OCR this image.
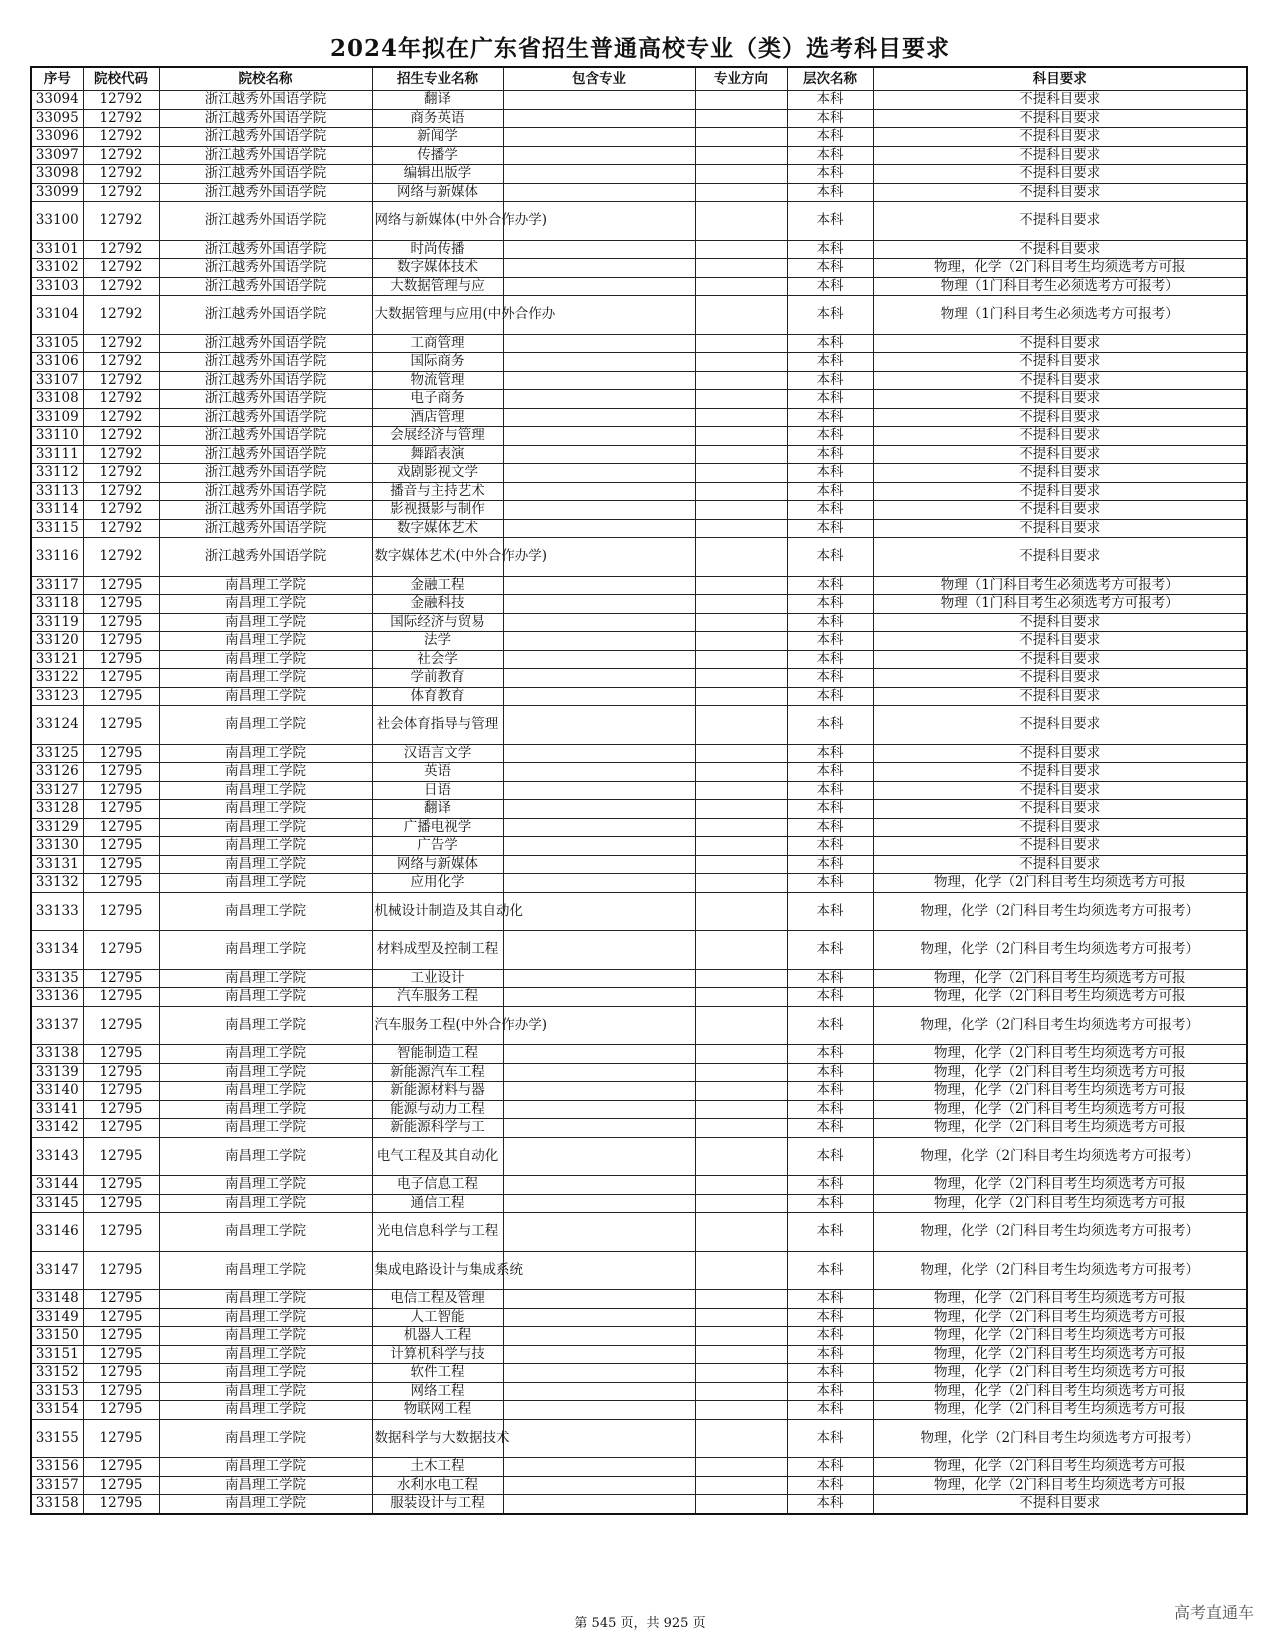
2024年拟在广东省招生普通高校专业（类）选考科目要求
序号	院校代码	院校名称	招生专业名称	包含专业	专业方向	层次名称	科目要求
33094	12792	浙江越秀外国语学院	翻译			本科	不提科目要求
33095	12792	浙江越秀外国语学院	商务英语			本科	不提科目要求
33096	12792	浙江越秀外国语学院	新闻学			本科	不提科目要求
33097	12792	浙江越秀外国语学院	传播学			本科	不提科目要求
33098	12792	浙江越秀外国语学院	编辑出版学			本科	不提科目要求
33099	12792	浙江越秀外国语学院	网络与新媒体			本科	不提科目要求
33100	12792	浙江越秀外国语学院	网络与新媒体(中外合作办学)			本科	不提科目要求
33101	12792	浙江越秀外国语学院	时尚传播			本科	不提科目要求
33102	12792	浙江越秀外国语学院	数字媒体技术			本科	物理，化学（2门科目考生均须选考方可报
33103	12792	浙江越秀外国语学院	大数据管理与应			本科	物理（1门科目考生必须选考方可报考）
33104	12792	浙江越秀外国语学院	大数据管理与应用(中外合作办			本科	物理（1门科目考生必须选考方可报考）
33105	12792	浙江越秀外国语学院	工商管理			本科	不提科目要求
33106	12792	浙江越秀外国语学院	国际商务			本科	不提科目要求
33107	12792	浙江越秀外国语学院	物流管理			本科	不提科目要求
33108	12792	浙江越秀外国语学院	电子商务			本科	不提科目要求
33109	12792	浙江越秀外国语学院	酒店管理			本科	不提科目要求
33110	12792	浙江越秀外国语学院	会展经济与管理			本科	不提科目要求
33111	12792	浙江越秀外国语学院	舞蹈表演			本科	不提科目要求
33112	12792	浙江越秀外国语学院	戏剧影视文学			本科	不提科目要求
33113	12792	浙江越秀外国语学院	播音与主持艺术			本科	不提科目要求
33114	12792	浙江越秀外国语学院	影视摄影与制作			本科	不提科目要求
33115	12792	浙江越秀外国语学院	数字媒体艺术			本科	不提科目要求
33116	12792	浙江越秀外国语学院	数字媒体艺术(中外合作办学)			本科	不提科目要求
33117	12795	南昌理工学院	金融工程			本科	物理（1门科目考生必须选考方可报考）
33118	12795	南昌理工学院	金融科技			本科	物理（1门科目考生必须选考方可报考）
33119	12795	南昌理工学院	国际经济与贸易			本科	不提科目要求
33120	12795	南昌理工学院	法学			本科	不提科目要求
33121	12795	南昌理工学院	社会学			本科	不提科目要求
33122	12795	南昌理工学院	学前教育			本科	不提科目要求
33123	12795	南昌理工学院	体育教育			本科	不提科目要求
33124	12795	南昌理工学院	社会体育指导与管理			本科	不提科目要求
33125	12795	南昌理工学院	汉语言文学			本科	不提科目要求
33126	12795	南昌理工学院	英语			本科	不提科目要求
33127	12795	南昌理工学院	日语			本科	不提科目要求
33128	12795	南昌理工学院	翻译			本科	不提科目要求
33129	12795	南昌理工学院	广播电视学			本科	不提科目要求
33130	12795	南昌理工学院	广告学			本科	不提科目要求
33131	12795	南昌理工学院	网络与新媒体			本科	不提科目要求
33132	12795	南昌理工学院	应用化学			本科	物理，化学（2门科目考生均须选考方可报
33133	12795	南昌理工学院	机械设计制造及其自动化			本科	物理，化学（2门科目考生均须选考方可报考）
33134	12795	南昌理工学院	材料成型及控制工程			本科	物理，化学（2门科目考生均须选考方可报考）
33135	12795	南昌理工学院	工业设计			本科	物理，化学（2门科目考生均须选考方可报
33136	12795	南昌理工学院	汽车服务工程			本科	物理，化学（2门科目考生均须选考方可报
33137	12795	南昌理工学院	汽车服务工程(中外合作办学)			本科	物理，化学（2门科目考生均须选考方可报考）
33138	12795	南昌理工学院	智能制造工程			本科	物理，化学（2门科目考生均须选考方可报
33139	12795	南昌理工学院	新能源汽车工程			本科	物理，化学（2门科目考生均须选考方可报
33140	12795	南昌理工学院	新能源材料与器			本科	物理，化学（2门科目考生均须选考方可报
33141	12795	南昌理工学院	能源与动力工程			本科	物理，化学（2门科目考生均须选考方可报
33142	12795	南昌理工学院	新能源科学与工			本科	物理，化学（2门科目考生均须选考方可报
33143	12795	南昌理工学院	电气工程及其自动化			本科	物理，化学（2门科目考生均须选考方可报考）
33144	12795	南昌理工学院	电子信息工程			本科	物理，化学（2门科目考生均须选考方可报
33145	12795	南昌理工学院	通信工程			本科	物理，化学（2门科目考生均须选考方可报
33146	12795	南昌理工学院	光电信息科学与工程			本科	物理，化学（2门科目考生均须选考方可报考）
33147	12795	南昌理工学院	集成电路设计与集成系统			本科	物理，化学（2门科目考生均须选考方可报考）
33148	12795	南昌理工学院	电信工程及管理			本科	物理，化学（2门科目考生均须选考方可报
33149	12795	南昌理工学院	人工智能			本科	物理，化学（2门科目考生均须选考方可报
33150	12795	南昌理工学院	机器人工程			本科	物理，化学（2门科目考生均须选考方可报
33151	12795	南昌理工学院	计算机科学与技			本科	物理，化学（2门科目考生均须选考方可报
33152	12795	南昌理工学院	软件工程			本科	物理，化学（2门科目考生均须选考方可报
33153	12795	南昌理工学院	网络工程			本科	物理，化学（2门科目考生均须选考方可报
33154	12795	南昌理工学院	物联网工程			本科	物理，化学（2门科目考生均须选考方可报
33155	12795	南昌理工学院	数据科学与大数据技术			本科	物理，化学（2门科目考生均须选考方可报考）
33156	12795	南昌理工学院	土木工程			本科	物理，化学（2门科目考生均须选考方可报
33157	12795	南昌理工学院	水利水电工程			本科	物理，化学（2门科目考生均须选考方可报
33158	12795	南昌理工学院	服装设计与工程			本科	不提科目要求
第 545 页，共 925 页
高考直通车
